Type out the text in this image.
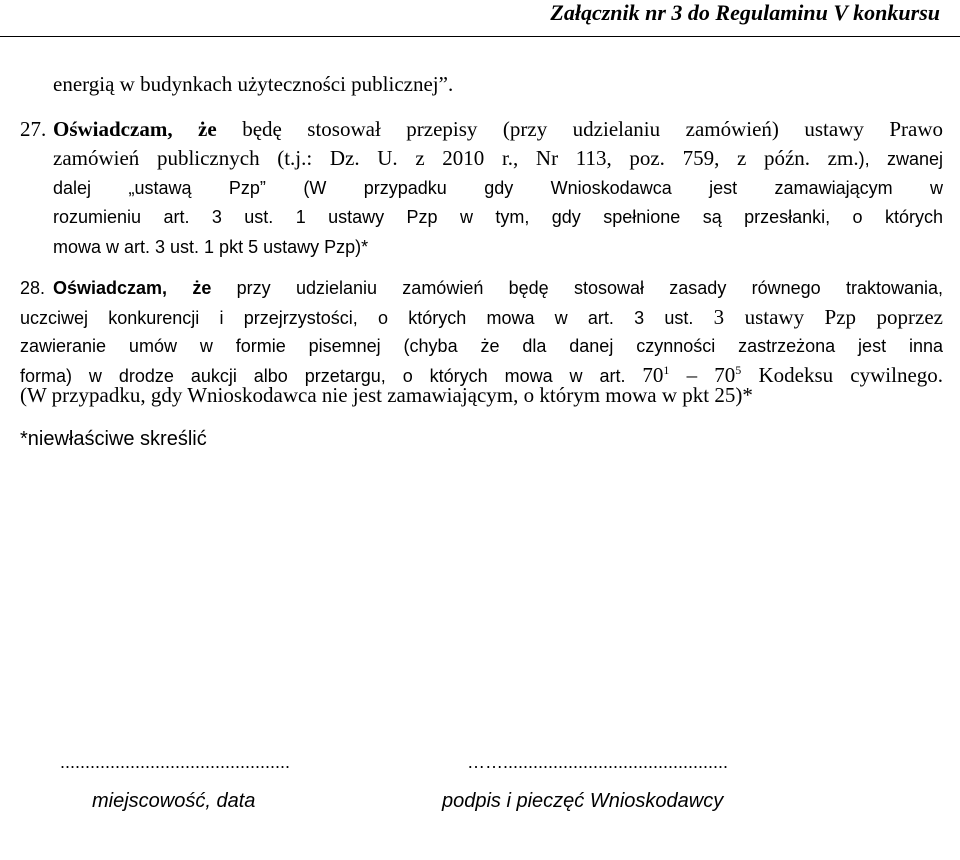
Załącznik nr 3 do Regulaminu V konkursu
energią w budynkach użyteczności publicznej”.
27. Oświadczam, że będę stosował przepisy (przy udzielaniu zamówień) ustawy Prawo
zamówień publicznych (t.j.: Dz. U. z 2010 r., Nr 113, poz. 759, z późn. zm.), zwanej
dalej „ustawą Pzp” (W przypadku gdy Wnioskodawca jest zamawiającym w
rozumieniu art. 3 ust. 1 ustawy Pzp w tym, gdy spełnione są przesłanki, o których
mowa w art. 3 ust. 1 pkt 5 ustawy Pzp)*
28. Oświadczam, że przy udzielaniu zamówień będę stosował zasady równego traktowania,
uczciwej konkurencji i przejrzystości, o których mowa w art. 3 ust. 3 ustawy Pzp poprzez
zawieranie umów w formie pisemnej (chyba że dla danej czynności zastrzeżona jest inna
forma) w drodze aukcji albo przetargu, o których mowa w art. $70^1 - 70^5$ Kodeksu cywilnego.
(W przypadku, gdy Wnioskodawca nie jest zamawiającym, o którym mowa w pkt 25)*
*niewłaściwe skreślić
..............................................	…….............................................
miejscowość, data	podpis i pieczęć Wnioskodawcy
